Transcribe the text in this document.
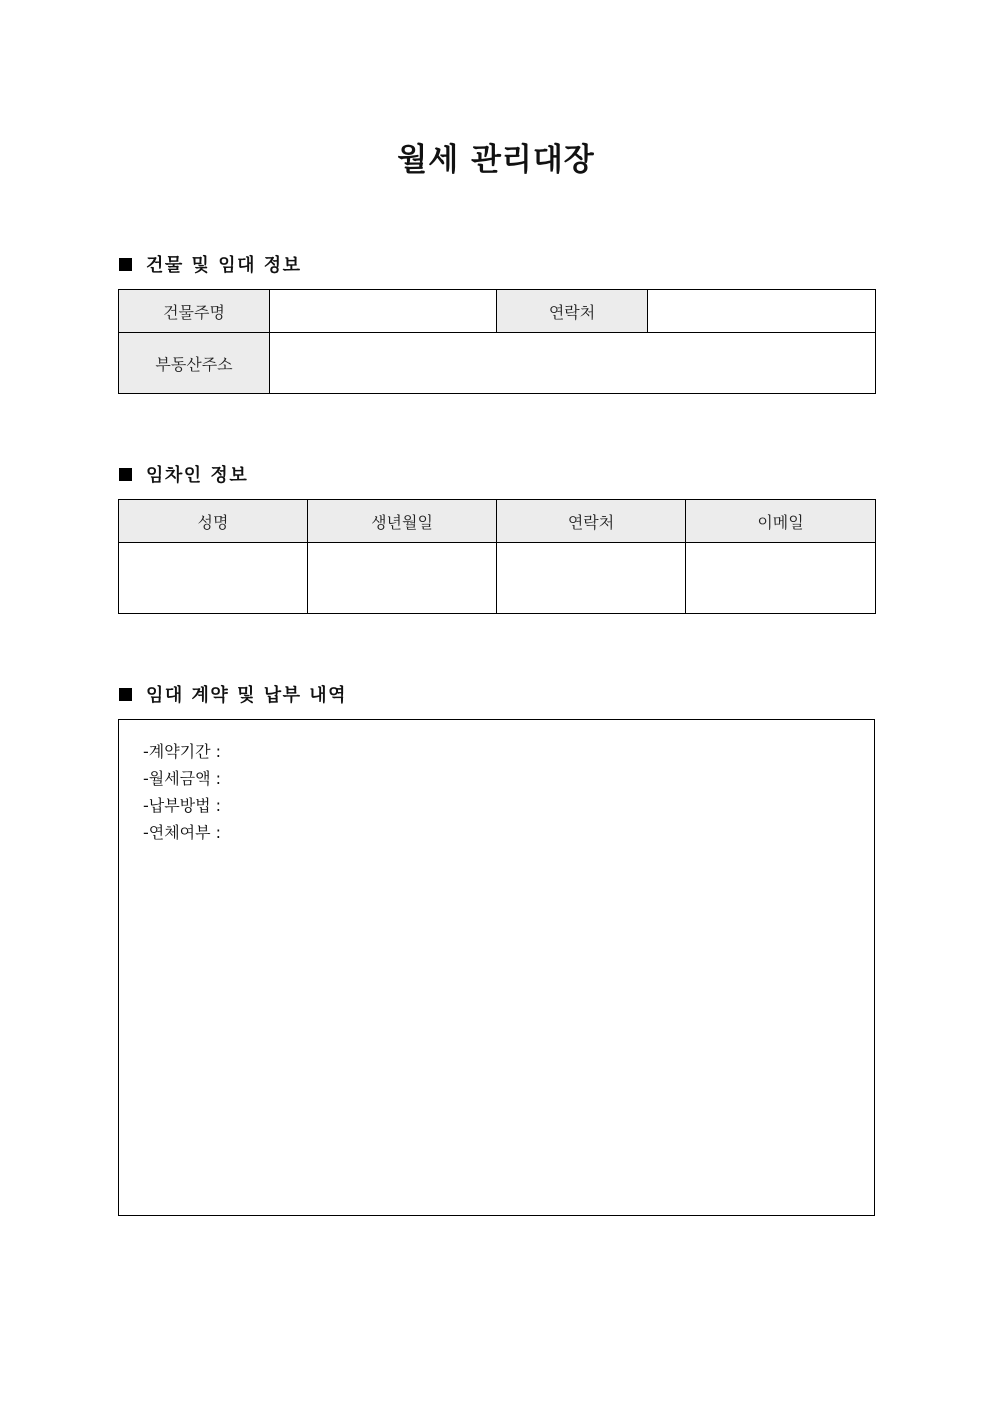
월세 관리대장
건물 및 임대 정보
건물주명		연락처	
부동산주소			
임차인 정보
성명	생년월일	연락처	이메일

임대 계약 및 납부 내역
-계약기간 :
-월세금액 :
-납부방법 :
-연체여부 :
